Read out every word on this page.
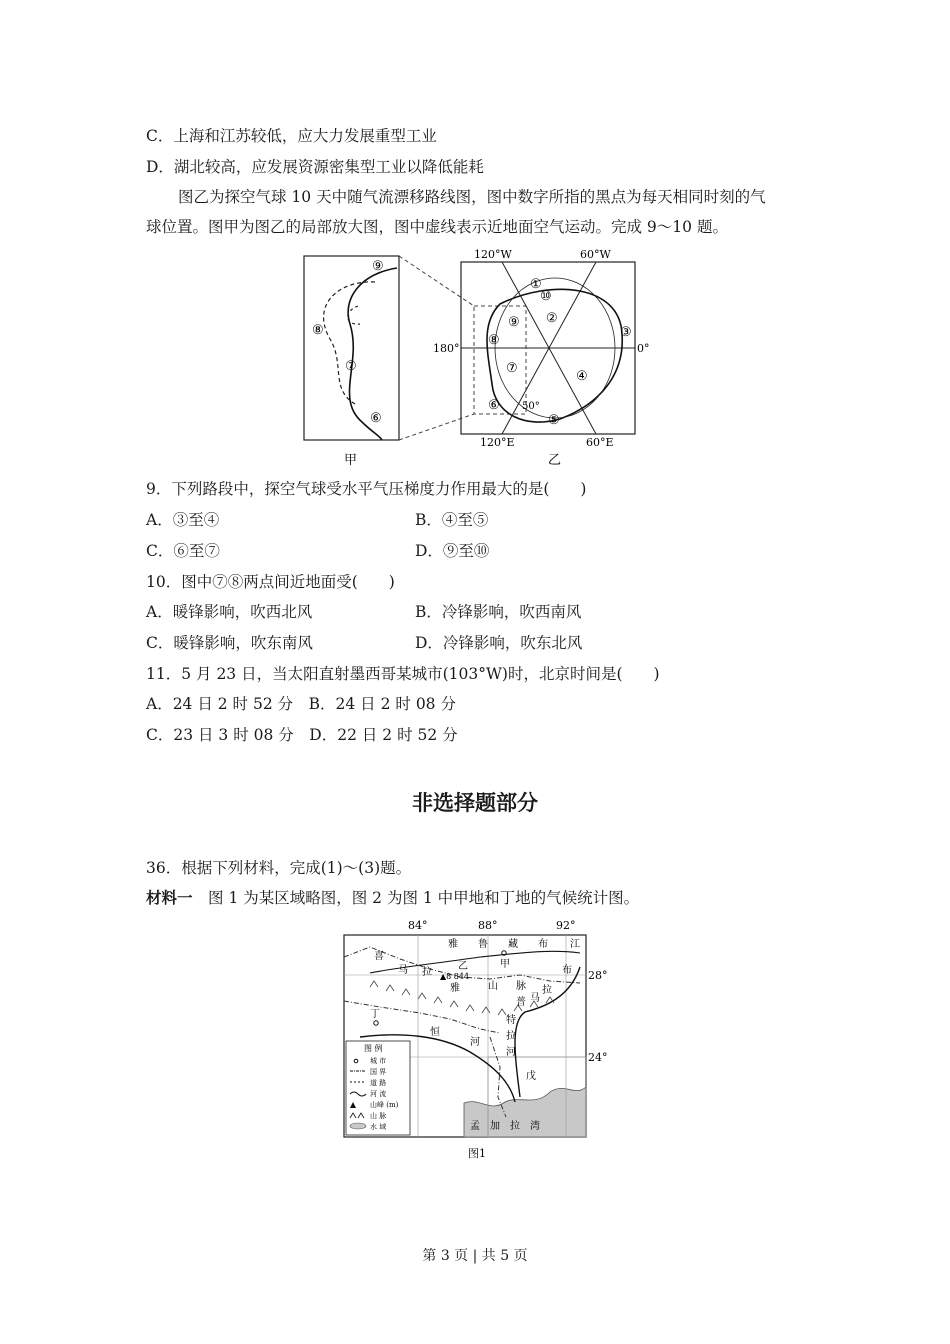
C．上海和江苏较低，应大力发展重型工业
D．湖北较高，应发展资源密集型工业以降低能耗
图乙为探空气球 10 天中随气流漂移路线图，图中数字所指的黑点为每天相同时刻的气
球位置。图甲为图乙的局部放大图，图中虚线表示近地面空气运动。完成 9～10 题。
⑨
⑧
⑦
⑥
甲
120°W	60°W
180°	0°
120°E	60°E
50°
①
⑩
②
⑨
③
⑧
⑦
④
⑥
⑤
乙
9．下列路段中，探空气球受水平气压梯度力作用最大的是(　　)
A．③至④	B．④至⑤
C．⑥至⑦	D．⑨至⑩
10．图中⑦⑧两点间近地面受(　　)
A．暖锋影响，吹西北风	B．冷锋影响，吹西南风
C．暖锋影响，吹东南风	D．冷锋影响，吹东北风
11．5 月 23 日，当太阳直射墨西哥某城市(103°W)时，北京时间是(　　)
A．24 日 2 时 52 分　B．24 日 2 时 08 分
C．23 日 3 时 08 分　D．22 日 2 时 52 分
非选择题部分
36．根据下列材料，完成(1)～(3)题。
材料一　图 1 为某区域略图，图 2 为图 1 中甲地和丁地的气候统计图。
84°	88°	92°
28°
24°
雅 鲁 藏 布 江
甲
乙
丁
喜
马 拉
雅	山 脉
▲8 844
恒
河
布
拉
马
普
特
拉
河
戊
孟　加　拉　湾
图 例
城 市
国 界
道 路
河 流
山峰 (m)
山 脉
水 域
图1
第 3 页 | 共 5 页
